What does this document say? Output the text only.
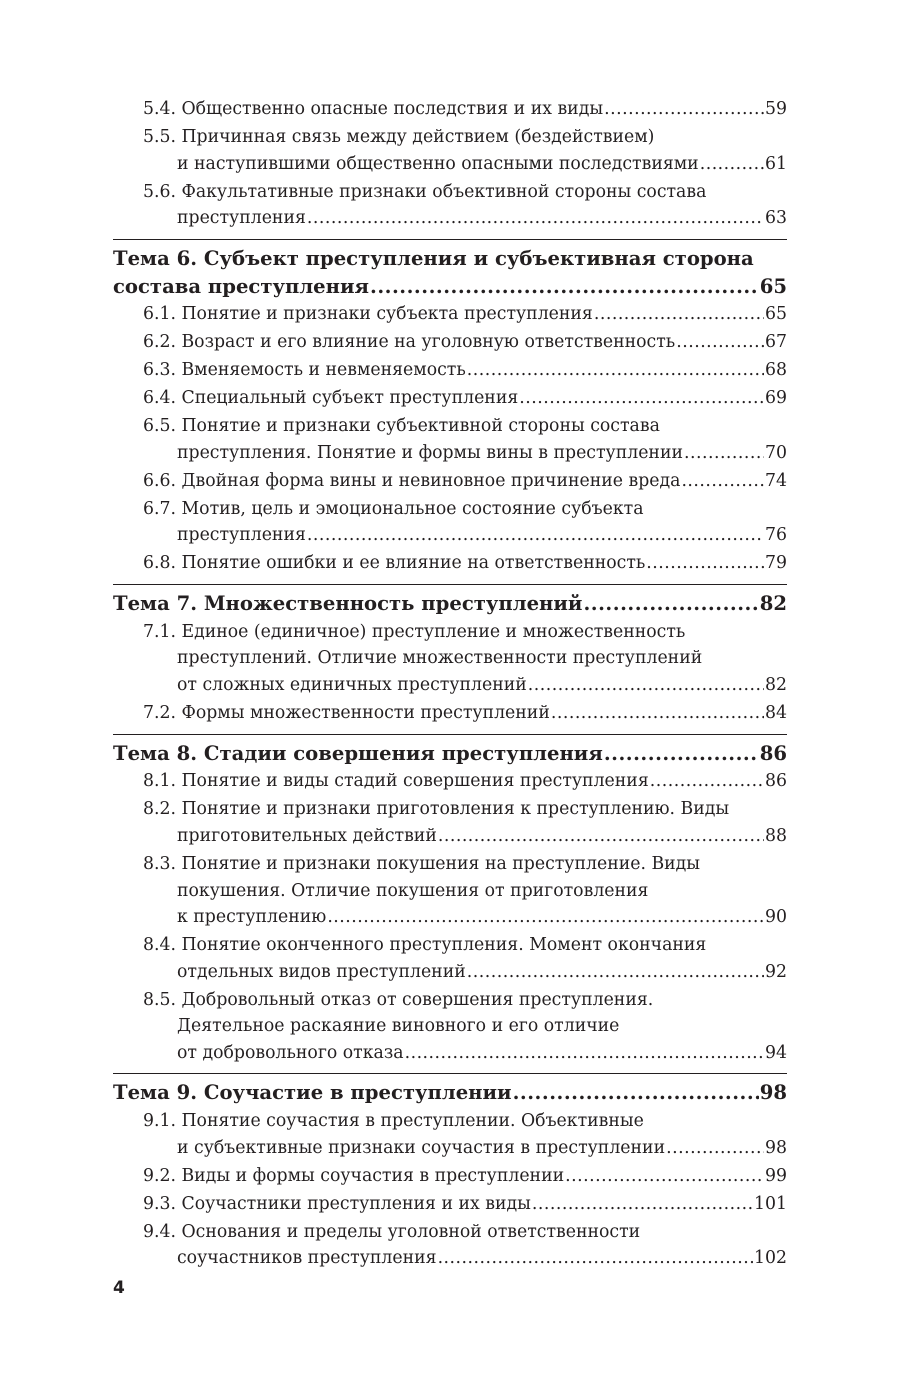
5.4. Общественно опасные последствия и их виды .....	59
5.5. Причинная связь между действием (бездействием)
и наступившими общественно опасными последствиями .....	61
5.6. Факультативные признаки объективной стороны состава
преступления .....	63
Тема 6. Субъект преступления и субъективная сторона
состава преступления .....	65
6.1. Понятие и признаки субъекта преступления .....	65
6.2. Возраст и его влияние на уголовную ответственность .....	67
6.3. Вменяемость и невменяемость .....	68
6.4. Специальный субъект преступления .....	69
6.5. Понятие и признаки субъективной стороны состава
преступления. Понятие и формы вины в преступлении .....	70
6.6. Двойная форма вины и невиновное причинение вреда .....	74
6.7. Мотив, цель и эмоциональное состояние субъекта
преступления .....	76
6.8. Понятие ошибки и ее влияние на ответственность .....	79
Тема 7. Множественность преступлений .....	82
7.1. Единое (единичное) преступление и множественность
преступлений. Отличие множественности преступлений
от сложных единичных преступлений .....	82
7.2. Формы множественности преступлений .....	84
Тема 8. Стадии совершения преступления .....	86
8.1. Понятие и виды стадий совершения преступления .....	86
8.2. Понятие и признаки приготовления к преступлению. Виды
приготовительных действий .....	88
8.3. Понятие и признаки покушения на преступление. Виды
покушения. Отличие покушения от приготовления
к преступлению .....	90
8.4. Понятие оконченного преступления. Момент окончания
отдельных видов преступлений .....	92
8.5. Добровольный отказ от совершения преступления.
Деятельное раскаяние виновного и его отличие
от добровольного отказа .....	94
Тема 9. Соучастие в преступлении .....	98
9.1. Понятие соучастия в преступлении. Объективные
и субъективные признаки соучастия в преступлении .....	98
9.2. Виды и формы соучастия в преступлении .....	99
9.3. Соучастники преступления и их виды .....	101
9.4. Основания и пределы уголовной ответственности
соучастников преступления .....	102
4
